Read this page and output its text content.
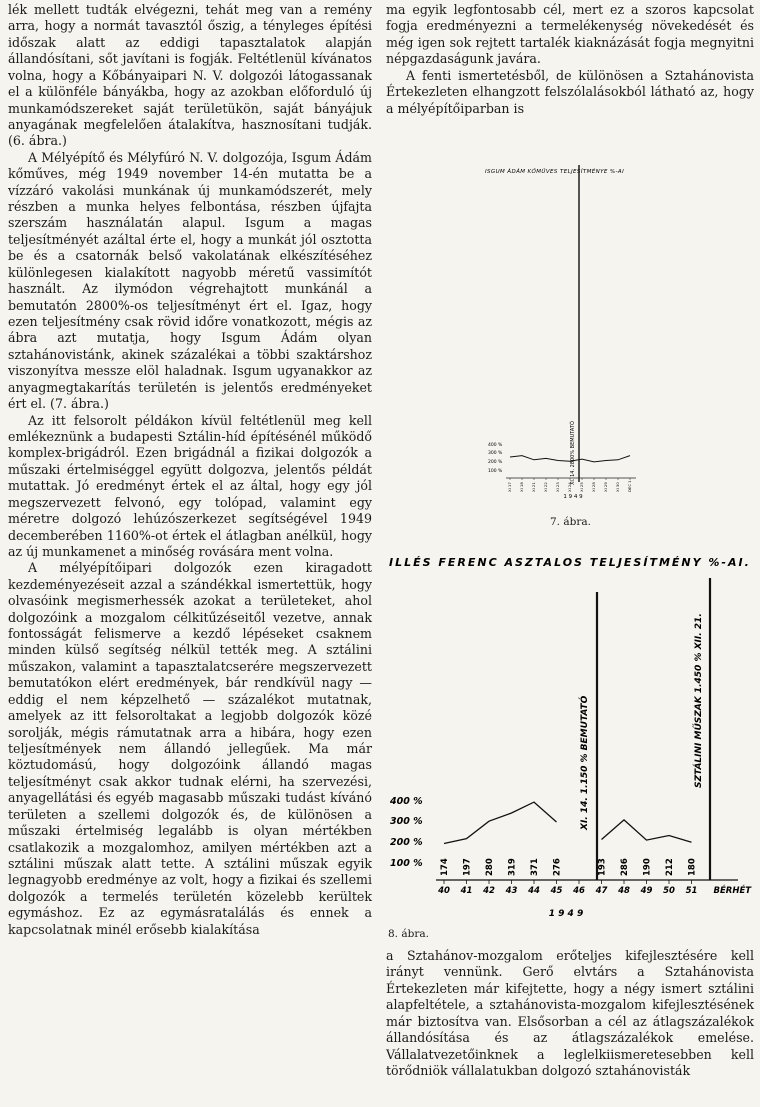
lék mellett tudták elvégezni, tehát meg van a remény arra, hogy a normát tavasztól őszig, a tényleges építési időszak alatt az eddigi tapasztalatok alapján állandósítani, sőt javítani is fogják. Feltétlenül kívánatos volna, hogy a Kőbányaipari N. V. dolgozói látogassanak el a különféle bányákba, hogy az azokban előforduló új munkamódszereket saját területükön, saját bányájuk anyagának megfelelően átalakítva, hasznosítani tudják. (6. ábra.)

A Mélyépítő és Mélyfúró N. V. dolgozója, Isgum Ádám kőműves, még 1949 november 14-én mutatta be a vízzáró vakolási munkának új munkamódszerét, mely részben a munka helyes felbontása, részben újfajta szerszám használatán alapul. Isgum a magas teljesítményét azáltal érte el, hogy a munkát jól osztotta be és a csatornák belső vakolatának elkészítéséhez különlegesen kialakított nagyobb méretű vassimítót használt. Az ilymódon végrehajtott munkánál a bemutatón 2800%-os teljesítményt ért el. Igaz, hogy ezen teljesítmény csak rövid időre vonatkozott, mégis az ábra azt mutatja, hogy Isgum Ádám olyan sztahánovistánk, akinek százalékai a többi szaktárshoz viszonyítva messze elöl haladnak. Isgum ugyanakkor az anyagmegtakarítás területén is jelentős eredményeket ért el. (7. ábra.)

Az itt felsorolt példákon kívül feltétlenül meg kell emlékeznünk a budapesti Sztálin-híd építésénél működő komplex-brigádról. Ezen brigádnál a fizikai dolgozók a műszaki értelmiséggel együtt dolgozva, jelentős példát mutattak. Jó eredményt értek el az által, hogy egy jól megszervezett felvonó, egy tolópad, valamint egy méretre dolgozó lehúzószerkezet segítségével 1949 decemberében 1160%-ot értek el átlagban anélkül, hogy az új munkamenet a minőség rovására ment volna.

A mélyépítőipari dolgozók ezen kiragadott kezdeményezéseit azzal a szándékkal ismertettük, hogy olvasóink megismerhessék azokat a területeket, ahol dolgozóink a mozgalom célkitűzéseitől vezetve, annak fontosságát felismerve a kezdő lépéseket csaknem minden külső segítség nélkül tették meg. A sztálini műszakon, valamint a tapasztalatcserére megszervezett bemutatókon elért eredmények, bár rendkívül nagy — eddig el nem képzelhető — százalékot mutatnak, amelyek az itt felsoroltakat a legjobb dolgozók közé sorolják, mégis rámutatnak arra a hibára, hogy ezen teljesítmények nem állandó jellegűek. Ma már köztudomású, hogy dolgozóink állandó magas teljesítményt csak akkor tudnak elérni, ha szervezési, anyagellátási és egyéb magasabb műszaki tudást kívánó területen a szellemi dolgozók és, de különösen a műszaki értelmiség legalább is olyan mértékben csatlakozik a mozgalomhoz, amilyen mértékben azt a sztálini műszak alatt tette. A sztálini műszak egyik legnagyobb eredménye az volt, hogy a fizikai és szellemi dolgozók a termelés területén közelebb kerültek egymáshoz. Ez az egymásratalálás és ennek a kapcsolatnak minél erősebb kialakítása

ma egyik legfontosabb cél, mert ez a szoros kapcsolat fogja eredményezni a termelékenység növekedését és még igen sok rejtett tartalék kiaknázását fogja megnyitni népgazdaságunk javára.

A fenti ismertetésből, de különösen a Sztahánovista Értekezleten elhangzott felszólalásokból látható az, hogy a mélyépítőiparban is

ISGUM ÁDÁM KŐMŰVES TELJESÍTMÉNYE %-AI
XI. 14. 2800% BEMUTATÓ
400 %
300 %
200 %
100 %
XI 17 XI 18 XI 21 XI 22 XI 23 XI 24 XI 25 XI 28 XI 29 XI 30 DEC 1
1 9 4 9
7. ábra.
ILLÉS FERENC ASZTALOS TELJESÍTMÉNY %-AI.
400 %
300 %
200 %
100 %
XI. 14. 1.150 % BEMUTATÓ	SZTÁLINI MŰSZAK 1.450 % XII. 21.
174 197 280 319 371 276	193 286 190 212 180
40 41 42 43 44 45 46 47 48 49 50 51 BÉRHÉT
1 9 4 9
8. ábra.

a Sztahánov-mozgalom erőteljes kifejlesztésére kell irányt vennünk. Gerő elvtárs a Sztahánovista Értekezleten már kifejtette, hogy a négy ismert sztálini alapfeltétele, a sztahánovista-mozgalom kifejlesztésének már biztosítva van. Elsősorban a cél az átlagszázalékok állandósítása és az átlagszázalékok emelése. Vállalatvezetőinknek a leglelkiismeretesebben kell törődniök vállalatukban dolgozó sztahánovisták
